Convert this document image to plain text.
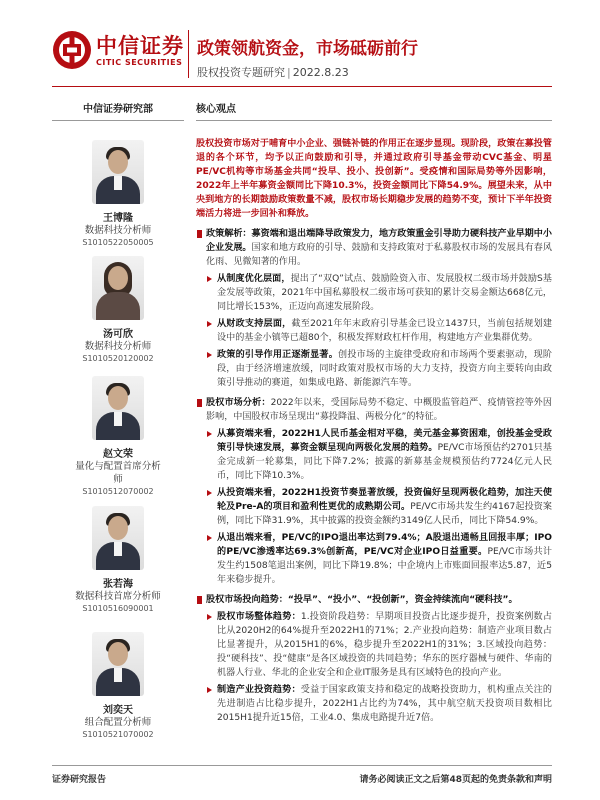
中信证券
CITIC SECURITIES
政策领航资金，市场砥砺前行
股权投资专题研究 | 2022.8.23
中信证券研究部
王博隆
数据科技分析师
S1010522050005
汤可欣
数据科技分析师
S1010520120002
赵文荣
量化与配置首席分析师
S1010512070002
张若海
数据科技首席分析师
S1010516090001
刘奕天
组合配置分析师
S1010521070002
核心观点
股权投资市场对于哺育中小企业、强链补链的作用正在逐步显现。现阶段，政策在募投管退的各个环节，均予以正向鼓励和引导，并通过政府引导基金带动CVC基金、明星PE/VC机构等市场基金共同“投早、投小、投创新”。受疫情和国际局势等外因影响，2022年上半年募资金额同比下降10.3%，投资金额同比下降54.9%。展望未来，从中央到地方的长期鼓励政策数量不减，股权市场长期稳步发展的趋势不变，预计下半年投资端活力将进一步回补和释放。
政策解析：募资端和退出端降导政策发力，地方政策重金引导助力硬科技产业早期中小企业发展。国家和地方政府的引导、鼓励和支持政策对于私募股权市场的发展具有春风化雨、见微知著的作用。
从制度优化层面，提出了“双Q”试点、鼓励险资入市、发展股权二级市场并鼓励S基金发展等政策，2021年中国私募股权二级市场可获知的累计交易金额达668亿元，同比增长153%，正迈向高速发展阶段。
从财政支持层面，截至2021年年末政府引导基金已设立1437只，当前包括规划建设中的基金小镇等已超80个，积极发挥财政杠杆作用，构建地方产业集群优势。
政策的引导作用正逐渐显著。创投市场的主旋律受政府和市场两个要素驱动，现阶段，由于经济增速放缓，同时政策对股权市场的大力支持，投资方向主要转向由政策引导推动的赛道，如集成电路、新能源汽车等。
股权市场分析：2022年以来，受国际局势不稳定、中概股监管趋严、疫情管控等外因影响，中国股权市场呈现出“募投降温、两极分化”的特征。
从募资端来看，2022H1人民币基金相对平稳，美元基金募资困难，创投基金受政策引导快速发展，募资金额呈现向两极化发展的趋势。PE/VC市场预估约2701只基金完成新一轮募集，同比下降7.2%；披露的新募基金规模预估约7724亿元人民币，同比下降10.3%。
从投资端来看，2022H1投资节奏显著放缓，投资偏好呈现两极化趋势，加注天使轮及Pre-A的项目和盈利性更优的成熟期公司。PE/VC市场共发生约4167起投资案例，同比下降31.9%，其中披露的投资金额约3149亿人民币，同比下降54.9%。
从退出端来看，PE/VC的IPO退出率达到79.4%；A股退出通畅且回报丰厚；IPO的PE/VC渗透率达69.3%创新高，PE/VC对企业IPO日益重要。PE/VC市场共计发生约1508笔退出案例，同比下降19.8%；中企境内上市账面回报率达5.87，近5年来稳步提升。
股权市场投向趋势：“投早”、“投小”、“投创新”，资金持续流向“硬科技”。
股权市场整体趋势：1.投资阶段趋势：早期项目投资占比逐步提升，投资案例数占比从2020H2的64%提升至2022H1的71%；2.产业投向趋势：制造产业项目数占比显著提升，从2015H1的6%，稳步提升至2022H1的31%；3.区域投向趋势：投“硬科技”、投“健康”是各区域投资的共同趋势；华东的医疗器械与硬件、华南的机器人行业、华北的企业安全和企业IT服务是具有区域特色的投向产业。
制造产业投资趋势：受益于国家政策支持和稳定的战略投资助力，机构重点关注的先进制造占比稳步提升，2022H1占比约为74%，其中航空航天投资项目数相比2015H1提升近15倍，工业4.0、集成电路提升近7倍。
证券研究报告	请务必阅读正文之后第48页起的免责条款和声明
